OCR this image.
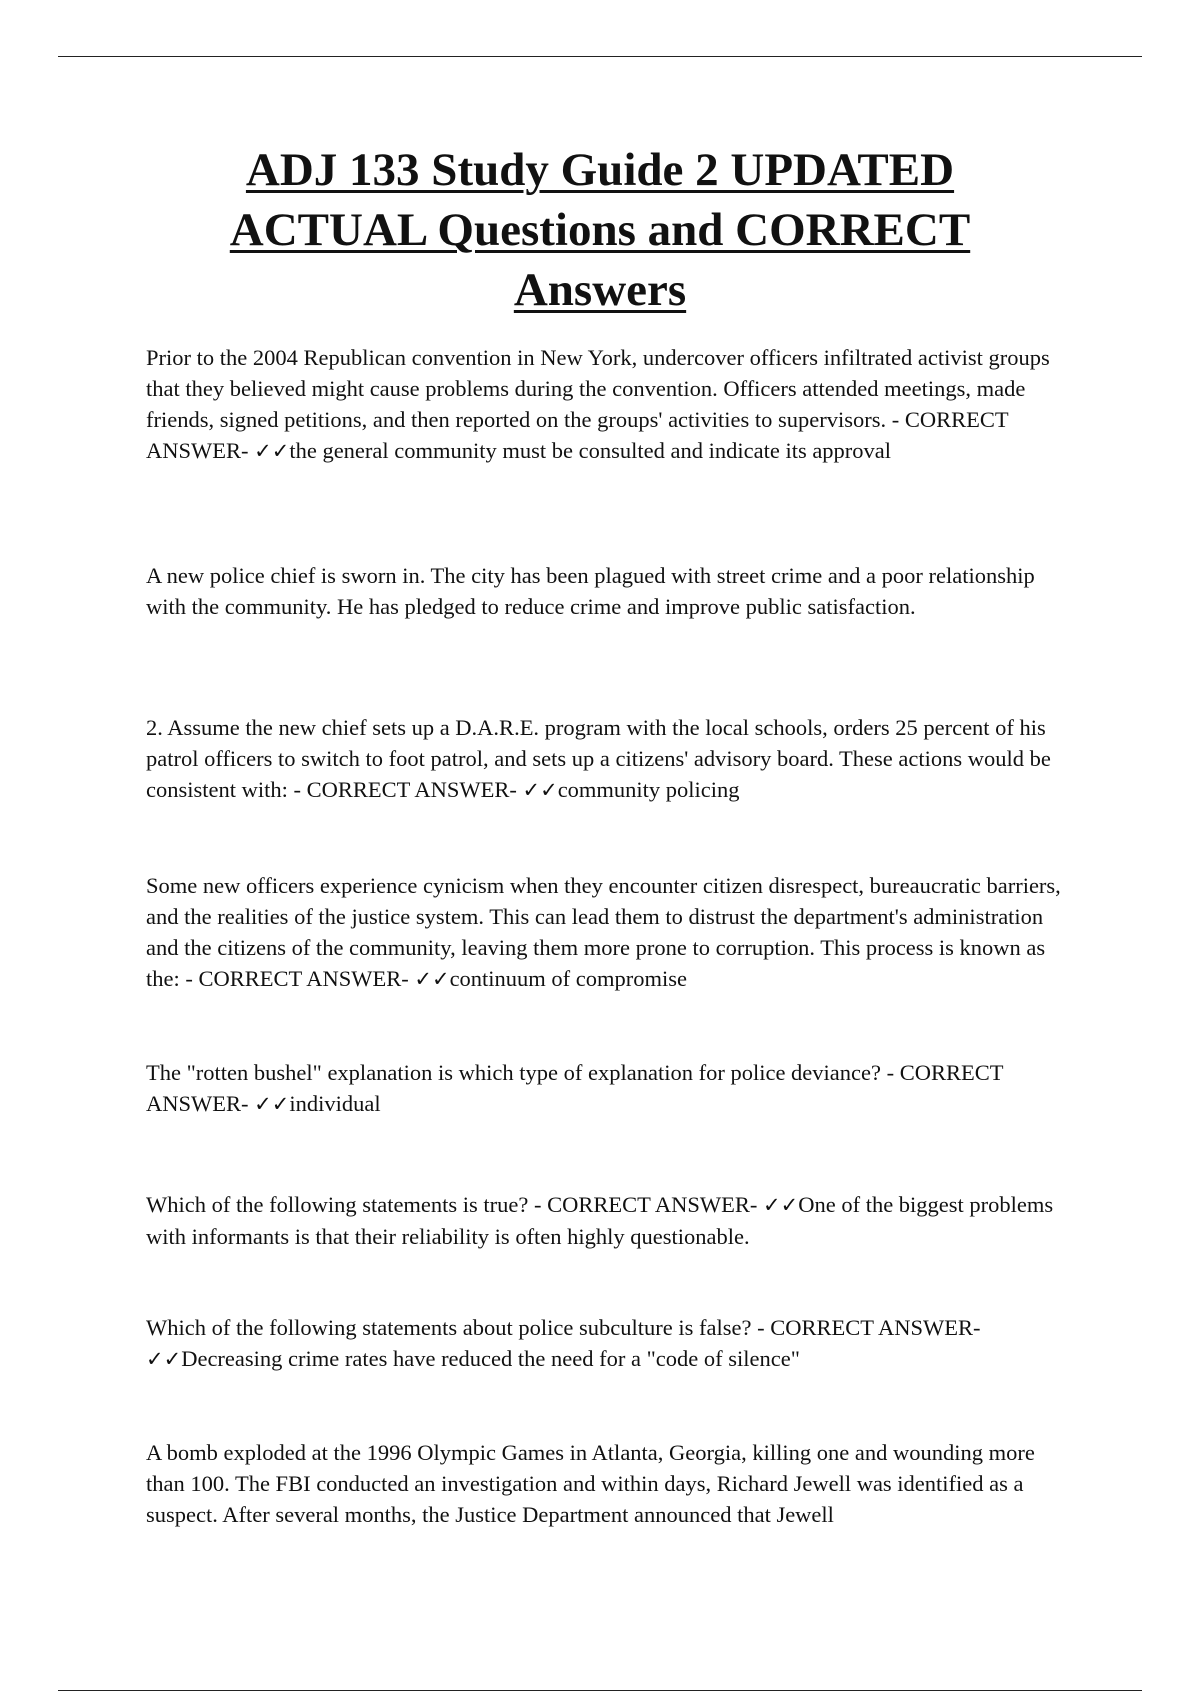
ADJ 133 Study Guide 2 UPDATED
ACTUAL Questions and CORRECT
Answers

Prior to the 2004 Republican convention in New York, undercover officers infiltrated activist groups that they believed might cause problems during the convention. Officers attended meetings, made friends, signed petitions, and then reported on the groups' activities to supervisors. - CORRECT ANSWER- ✓✓the general community must be consulted and indicate its approval

A new police chief is sworn in. The city has been plagued with street crime and a poor relationship with the community. He has pledged to reduce crime and improve public satisfaction.

2. Assume the new chief sets up a D.A.R.E. program with the local schools, orders 25 percent of his patrol officers to switch to foot patrol, and sets up a citizens' advisory board. These actions would be consistent with: - CORRECT ANSWER- ✓✓community policing

Some new officers experience cynicism when they encounter citizen disrespect, bureaucratic barriers, and the realities of the justice system. This can lead them to distrust the department's administration and the citizens of the community, leaving them more prone to corruption. This process is known as the: - CORRECT ANSWER- ✓✓continuum of compromise

The "rotten bushel" explanation is which type of explanation for police deviance? - CORRECT ANSWER- ✓✓individual

Which of the following statements is true? - CORRECT ANSWER- ✓✓One of the biggest problems with informants is that their reliability is often highly questionable.

Which of the following statements about police subculture is false? - CORRECT ANSWER- ✓✓Decreasing crime rates have reduced the need for a "code of silence"

A bomb exploded at the 1996 Olympic Games in Atlanta, Georgia, killing one and wounding more than 100. The FBI conducted an investigation and within days, Richard Jewell was identified as a suspect. After several months, the Justice Department announced that Jewell
